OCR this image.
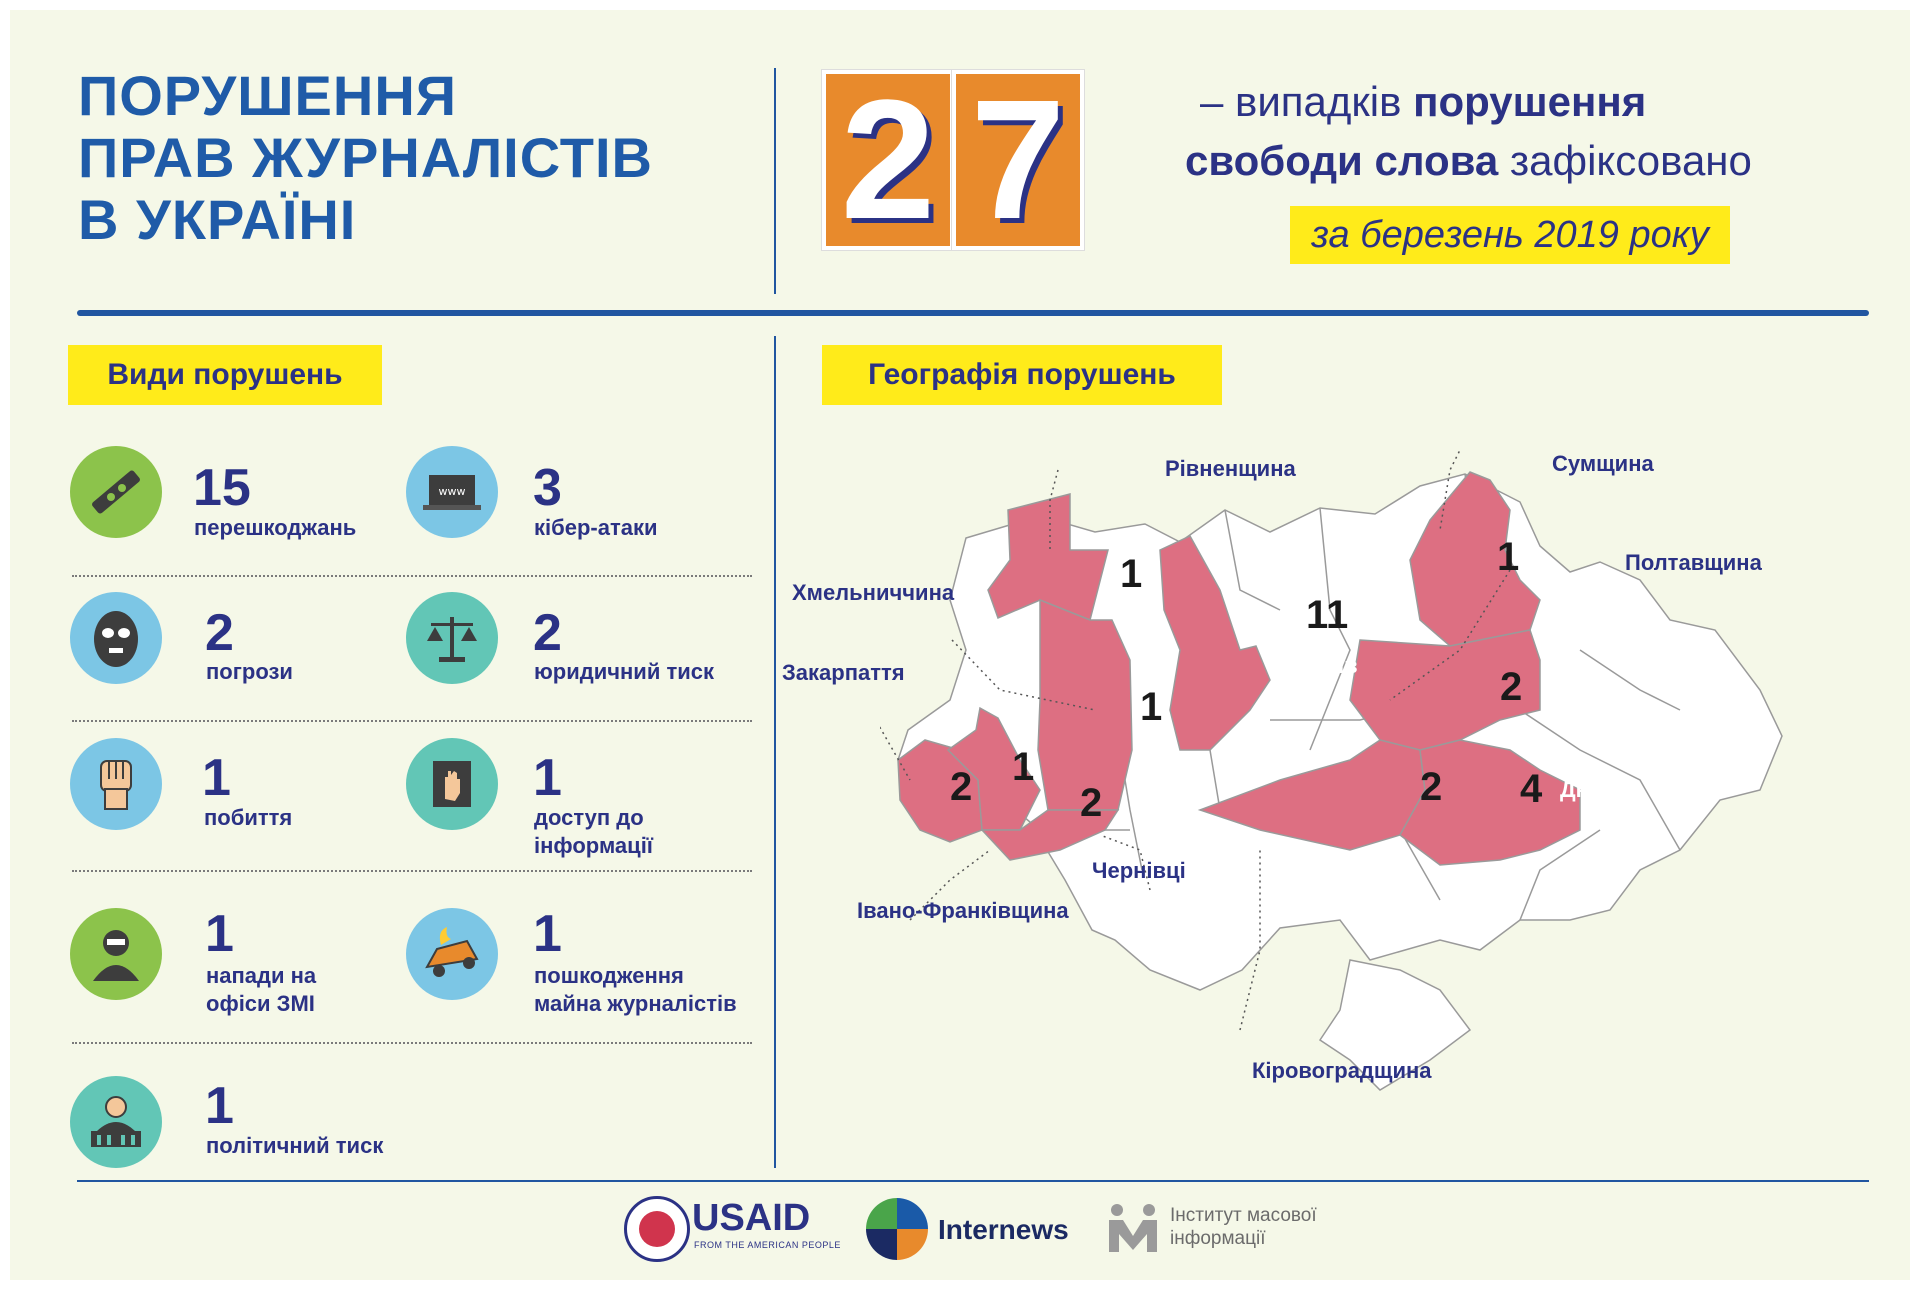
ПОРУШЕННЯ
ПРАВ ЖУРНАЛІСТІВ
В УКРАЇНІ	2 7	– випадків порушення
свободи слова зафіксовано
за березень 2019 року
Види порушень	Географія порушень
15
перешкоджань
www 3
кібер-атаки
2
погрози
2
юридичний тиск
1
побиття
1
доступ до
інформації
1
напади на
офіси ЗМІ
1
пошкодження
майна журналістів
1
політичний тиск
1	1
11
Київ	2
1
2 1
2	2 4 Дніпро
Рівненщина	Сумщина
Полтавщина
Хмельниччина
Закарпаття
Чернівці
Івано-Франківщина
Кіровоградщина
USAID
FROM THE AMERICAN PEOPLE	Internews	Інститут масової
інформації
